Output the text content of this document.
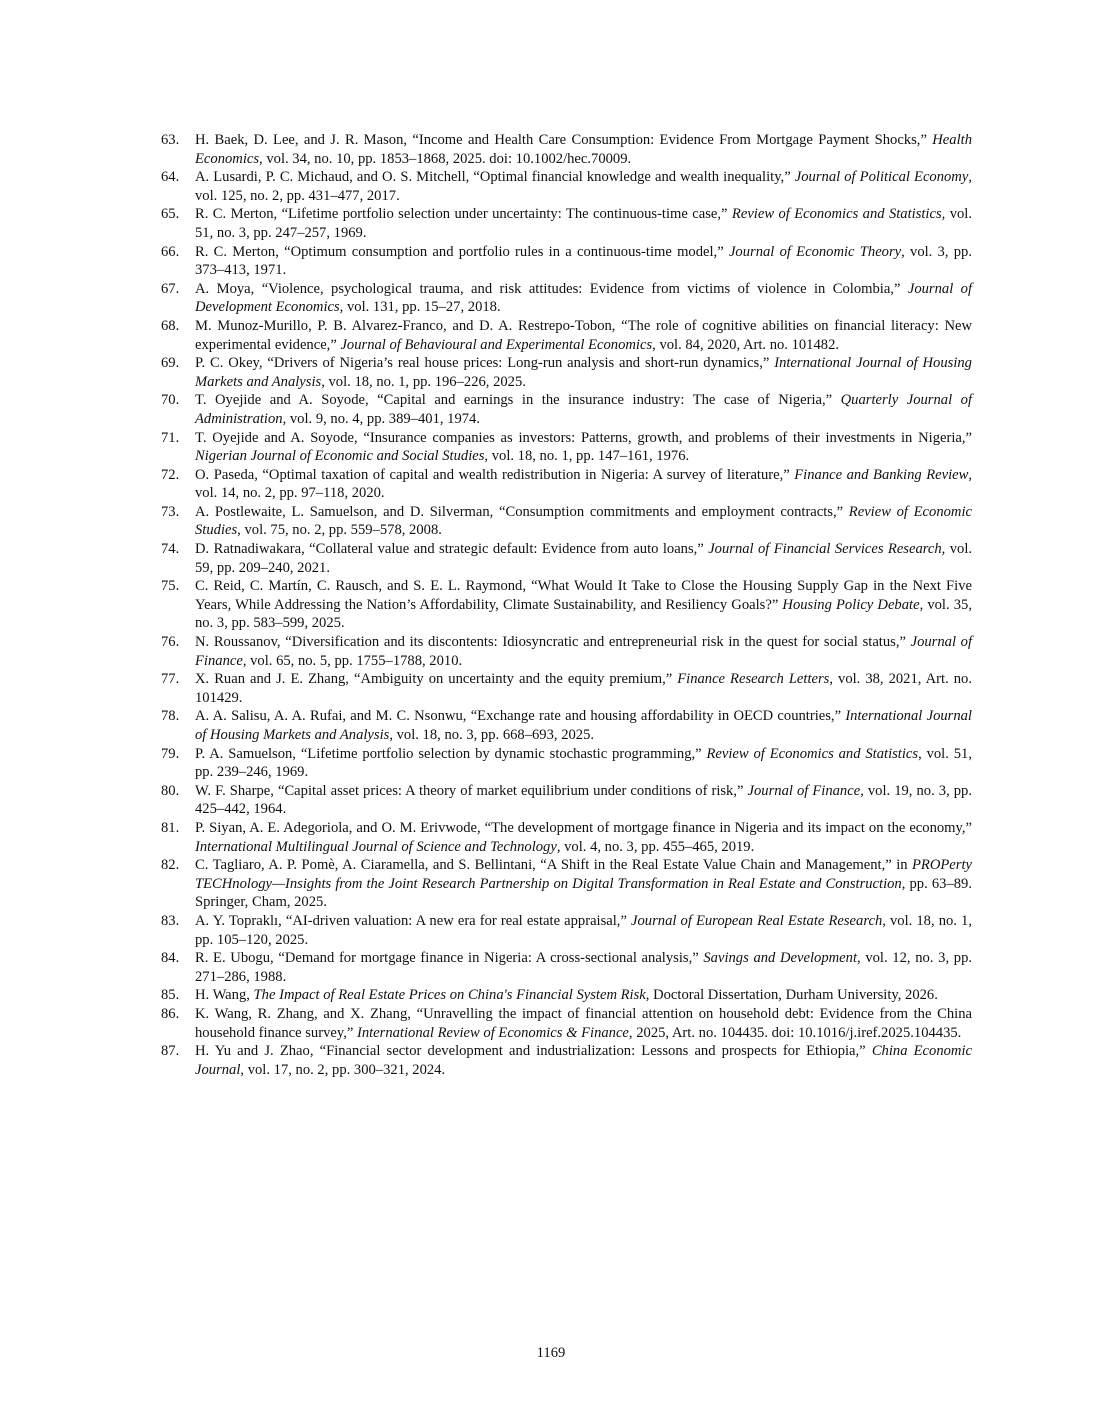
63. H. Baek, D. Lee, and J. R. Mason, “Income and Health Care Consumption: Evidence From Mortgage Payment Shocks,” Health Economics, vol. 34, no. 10, pp. 1853–1868, 2025. doi: 10.1002/hec.70009.
64. A. Lusardi, P. C. Michaud, and O. S. Mitchell, “Optimal financial knowledge and wealth inequality,” Journal of Political Economy, vol. 125, no. 2, pp. 431–477, 2017.
65. R. C. Merton, “Lifetime portfolio selection under uncertainty: The continuous-time case,” Review of Economics and Statistics, vol. 51, no. 3, pp. 247–257, 1969.
66. R. C. Merton, “Optimum consumption and portfolio rules in a continuous-time model,” Journal of Economic Theory, vol. 3, pp. 373–413, 1971.
67. A. Moya, “Violence, psychological trauma, and risk attitudes: Evidence from victims of violence in Colombia,” Journal of Development Economics, vol. 131, pp. 15–27, 2018.
68. M. Munoz-Murillo, P. B. Alvarez-Franco, and D. A. Restrepo-Tobon, “The role of cognitive abilities on financial literacy: New experimental evidence,” Journal of Behavioural and Experimental Economics, vol. 84, 2020, Art. no. 101482.
69. P. C. Okey, “Drivers of Nigeria’s real house prices: Long-run analysis and short-run dynamics,” International Journal of Housing Markets and Analysis, vol. 18, no. 1, pp. 196–226, 2025.
70. T. Oyejide and A. Soyode, “Capital and earnings in the insurance industry: The case of Nigeria,” Quarterly Journal of Administration, vol. 9, no. 4, pp. 389–401, 1974.
71. T. Oyejide and A. Soyode, “Insurance companies as investors: Patterns, growth, and problems of their investments in Nigeria,” Nigerian Journal of Economic and Social Studies, vol. 18, no. 1, pp. 147–161, 1976.
72. O. Paseda, “Optimal taxation of capital and wealth redistribution in Nigeria: A survey of literature,” Finance and Banking Review, vol. 14, no. 2, pp. 97–118, 2020.
73. A. Postlewaite, L. Samuelson, and D. Silverman, “Consumption commitments and employment contracts,” Review of Economic Studies, vol. 75, no. 2, pp. 559–578, 2008.
74. D. Ratnadiwakara, “Collateral value and strategic default: Evidence from auto loans,” Journal of Financial Services Research, vol. 59, pp. 209–240, 2021.
75. C. Reid, C. Martín, C. Rausch, and S. E. L. Raymond, “What Would It Take to Close the Housing Supply Gap in the Next Five Years, While Addressing the Nation’s Affordability, Climate Sustainability, and Resiliency Goals?” Housing Policy Debate, vol. 35, no. 3, pp. 583–599, 2025.
76. N. Roussanov, “Diversification and its discontents: Idiosyncratic and entrepreneurial risk in the quest for social status,” Journal of Finance, vol. 65, no. 5, pp. 1755–1788, 2010.
77. X. Ruan and J. E. Zhang, “Ambiguity on uncertainty and the equity premium,” Finance Research Letters, vol. 38, 2021, Art. no. 101429.
78. A. A. Salisu, A. A. Rufai, and M. C. Nsonwu, “Exchange rate and housing affordability in OECD countries,” International Journal of Housing Markets and Analysis, vol. 18, no. 3, pp. 668–693, 2025.
79. P. A. Samuelson, “Lifetime portfolio selection by dynamic stochastic programming,” Review of Economics and Statistics, vol. 51, pp. 239–246, 1969.
80. W. F. Sharpe, “Capital asset prices: A theory of market equilibrium under conditions of risk,” Journal of Finance, vol. 19, no. 3, pp. 425–442, 1964.
81. P. Siyan, A. E. Adegoriola, and O. M. Erivwode, “The development of mortgage finance in Nigeria and its impact on the economy,” International Multilingual Journal of Science and Technology, vol. 4, no. 3, pp. 455–465, 2019.
82. C. Tagliaro, A. P. Pomè, A. Ciaramella, and S. Bellintani, “A Shift in the Real Estate Value Chain and Management,” in PROPerty TECHnology—Insights from the Joint Research Partnership on Digital Transformation in Real Estate and Construction, pp. 63–89. Springer, Cham, 2025.
83. A. Y. Topraklı, “AI-driven valuation: A new era for real estate appraisal,” Journal of European Real Estate Research, vol. 18, no. 1, pp. 105–120, 2025.
84. R. E. Ubogu, “Demand for mortgage finance in Nigeria: A cross-sectional analysis,” Savings and Development, vol. 12, no. 3, pp. 271–286, 1988.
85. H. Wang, The Impact of Real Estate Prices on China's Financial System Risk, Doctoral Dissertation, Durham University, 2026.
86. K. Wang, R. Zhang, and X. Zhang, “Unravelling the impact of financial attention on household debt: Evidence from the China household finance survey,” International Review of Economics & Finance, 2025, Art. no. 104435. doi: 10.1016/j.iref.2025.104435.
87. H. Yu and J. Zhao, “Financial sector development and industrialization: Lessons and prospects for Ethiopia,” China Economic Journal, vol. 17, no. 2, pp. 300–321, 2024.
1169
